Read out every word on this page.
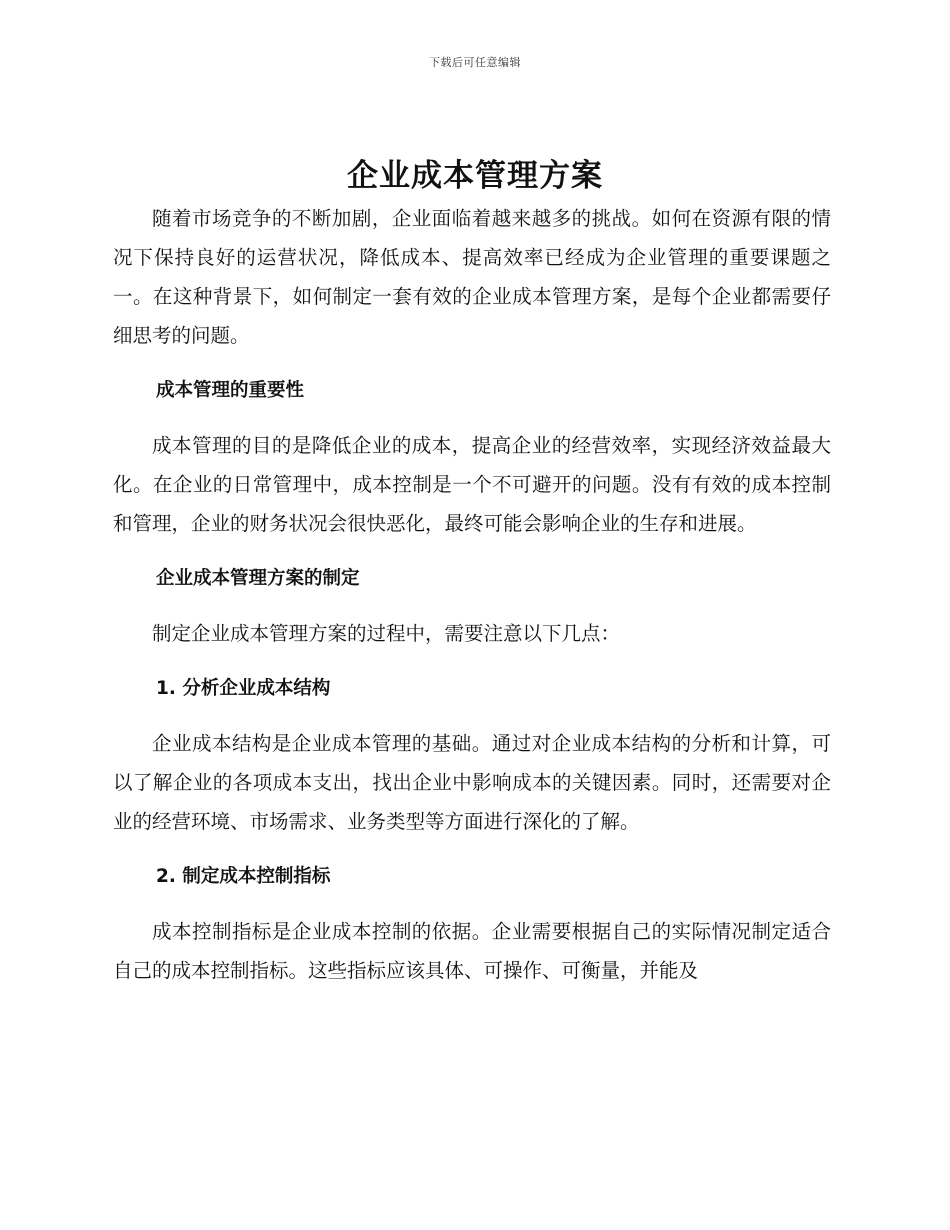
下载后可任意编辑
企业成本管理方案

随着市场竞争的不断加剧，企业面临着越来越多的挑战。如何在资源有限的情况下保持良好的运营状况，降低成本、提高效率已经成为企业管理的重要课题之一。在这种背景下，如何制定一套有效的企业成本管理方案，是每个企业都需要仔细思考的问题。

成本管理的重要性

成本管理的目的是降低企业的成本，提高企业的经营效率，实现经济效益最大化。在企业的日常管理中，成本控制是一个不可避开的问题。没有有效的成本控制和管理，企业的财务状况会很快恶化，最终可能会影响企业的生存和进展。

企业成本管理方案的制定

制定企业成本管理方案的过程中，需要注意以下几点：

1. 分析企业成本结构

企业成本结构是企业成本管理的基础。通过对企业成本结构的分析和计算，可以了解企业的各项成本支出，找出企业中影响成本的关键因素。同时，还需要对企业的经营环境、市场需求、业务类型等方面进行深化的了解。

2. 制定成本控制指标

成本控制指标是企业成本控制的依据。企业需要根据自己的实际情况制定适合自己的成本控制指标。这些指标应该具体、可操作、可衡量，并能及
